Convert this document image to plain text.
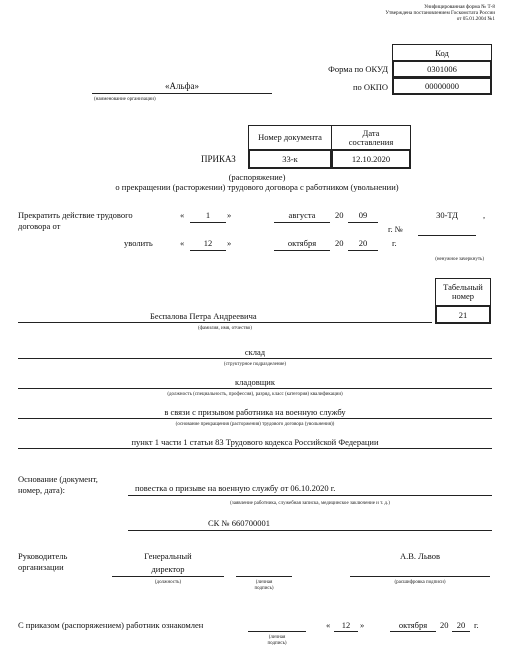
Унифицированная форма № Т-8
Утверждена постановлением Госкомстата России
от 05.01.2004 №1
Код
0301006
00000000
Форма по ОКУД
по ОКПО
«Альфа»
(наименование организации)
Номер документа	Дата составления
33-к	12.10.2020
ПРИКАЗ
(распоряжение)
о прекращении (расторжении) трудового договора с работником (увольнении)
Прекратить действие трудового договора от
«	1	»	августа	20	09
г. №
30-ТД	,
уволить	«	12	»	октября	20	20	г.
(ненужное зачеркнуть)
Табельный номер
21
Беспалова Петра Андреевича
(фамилия, имя, отчество)
склад
(структурное подразделение)
кладовщик
(должность (специальность, профессия), разряд, класс (категория) квалификации)
в связи с призывом работника на военную службу
(основание прекращения (расторжения) трудового договора (увольнения))
пункт 1 части 1 статьи 83 Трудового кодекса Российской Федерации
Основание (документ,
номер, дата):	повестка о призыве на военную службу от 06.10.2020 г.
(заявление работника, служебная записка, медицинское заключение и т. д.)
СК № 660700001
Руководитель
организации
Генеральный
директор
(должность)	(личная
подпись)
А.В. Львов
(расшифровка подписи)
С приказом (распоряжением) работник ознакомлен
(личная
подпись)
«	12	»	октября	20 20	г.
